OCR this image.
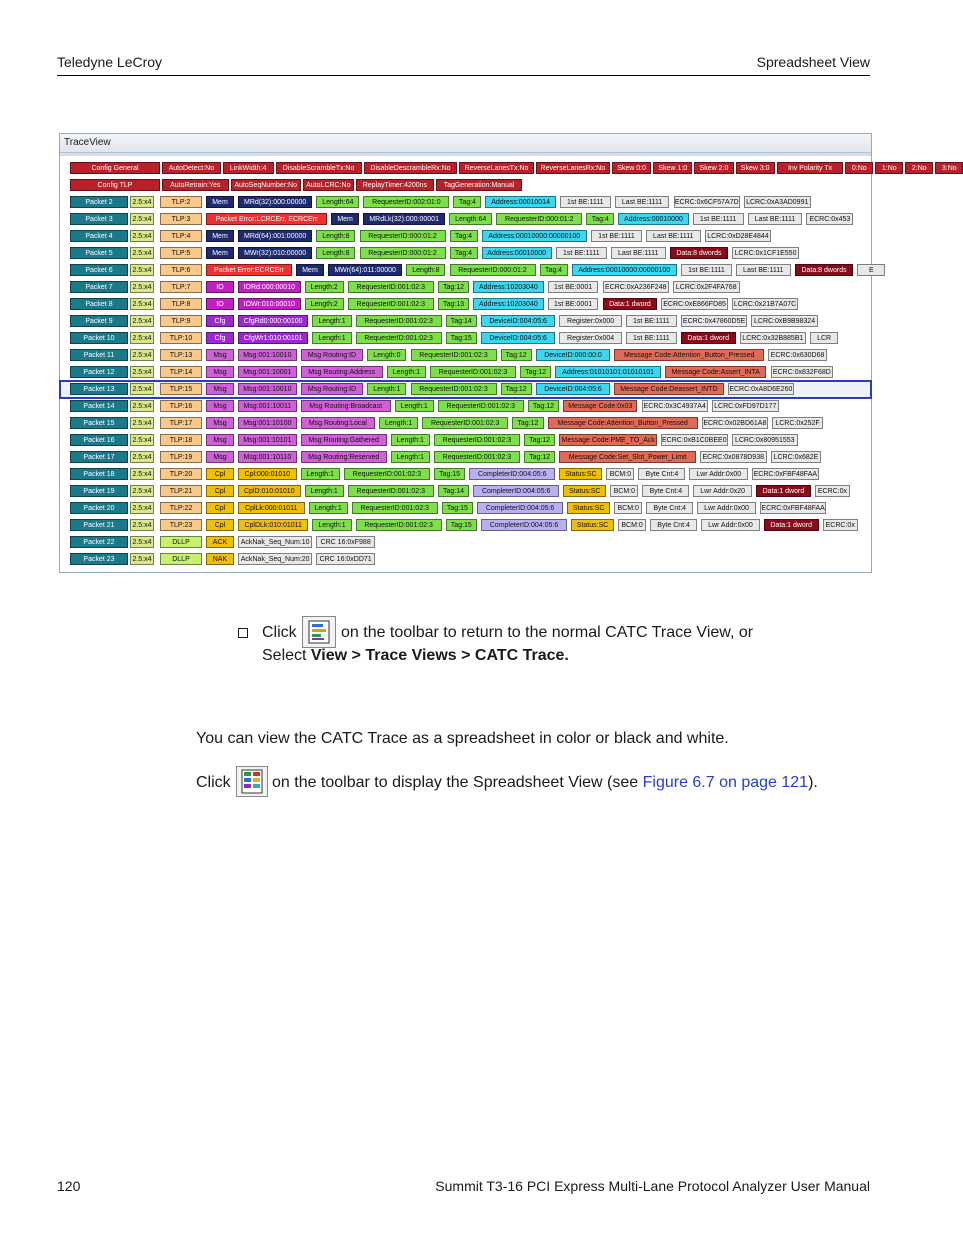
Teledyne LeCroy	Spreadsheet View
TraceView
Config General	AutoDetect:No	LinkWidth:4	DisableScrambleTx:No	DisableDescrambleRx:No	ReverseLanesTx:No	ReverseLanesRx:No	Skew 0:0	Skew 1:0	Skew 2:0	Skew 3:0	Inv Polarity Tx	0:No	1:No	2:No	3:No
Config TLP	AutoRetrain:Yes	AutoSeqNumber:No	AutoLCRC:No	ReplayTimer:4200ns	TagGeneration:Manual
Packet 2	2.5:x4	TLP:2	Mem	MRd(32):000:00000	Length:64	RequesterID:002:01:0	Tag:4	Address:00010014	1st BE:1111	Last BE:1111	ECRC:0x6CF57A7D	LCRC:0xA3AD0991
Packet 3	2.5:x4	TLP:3	Packet Error:LCRCErr, ECRCErr	Mem	MRdLk(32):000:00001	Length:64	RequesterID:000:01:2	Tag:4	Address:00010000	1st BE:1111	Last BE:1111	ECRC:0x453
Packet 4	2.5:x4	TLP:4	Mem	MRd(64):001:00000	Length:8	RequesterID:000:01:2	Tag:4	Address:00010000:00000100	1st BE:1111	Last BE:1111	LCRC:0xD28E4844
Packet 5	2.5:x4	TLP:5	Mem	MWr(32):010:00000	Length:8	RequesterID:000:01:2	Tag:4	Address:00010000	1st BE:1111	Last BE:1111	Data:8 dwords	LCRC:0x1CF1E550
Packet 6	2.5:x4	TLP:6	Packet Error:ECRCErr	Mem	MWr(64):011:00000	Length:8	RequesterID:000:01:2	Tag:4	Address:00010000:00000100	1st BE:1111	Last BE:1111	Data:8 dwords	E
Packet 7	2.5:x4	TLP:7	IO	IORd:000:00010	Length:2	RequesterID:001:02:3	Tag:12	Address:10203040	1st BE:0001	ECRC:0xA236F248	LCRC:0x2F4FA768
Packet 8	2.5:x4	TLP:8	IO	IOWr:010:00010	Length:2	RequesterID:001:02:3	Tag:13	Address:10203040	1st BE:0001	Data:1 dword	ECRC:0xE866FD85	LCRC:0x21B7A07C
Packet 9	2.5:x4	TLP:9	Cfg	CfgRd0:000:00100	Length:1	RequesterID:001:02:3	Tag:14	DeviceID:004:05:6	Register:0x000	1st BE:1111	ECRC:0x47860D5E	LCRC:0xB9B98324
Packet 10	2.5:x4	TLP:10	Cfg	CfgWr1:010:00101	Length:1	RequesterID:001:02:3	Tag:15	DeviceID:004:05:6	Register:0x004	1st BE:1111	Data:1 dword	LCRC:0x32B885B1	LCR
Packet 11	2.5:x4	TLP:13	Msg	Msg:001:10010	Msg Routing:ID	Length:0	RequesterID:001:02:3	Tag:12	DeviceID:000:00:0	Message Code:Attention_Button_Pressed	ECRC:0x630D68
Packet 12	2.5:x4	TLP:14	Msg	Msg:001:10001	Msg Routing:Address	Length:1	RequesterID:001:02:3	Tag:12	Address:01010101:01010101	Message Code:Assert_INTA	ECRC:0x832F68D
Packet 13	2.5:x4	TLP:15	Msg	Msg:001:10010	Msg Routing:ID	Length:1	RequesterID:001:02:3	Tag:12	DeviceID:004:05:6	Message Code:Deassert_INTD	ECRC:0xA8D6E260
Packet 14	2.5:x4	TLP:16	Msg	Msg:001:10011	Msg Routing:Broadcast	Length:1	RequesterID:001:02:3	Tag:12	Message Code:0x03	ECRC:0x3C4937A4	LCRC:0xFD97D177
Packet 15	2.5:x4	TLP:17	Msg	Msg:001:10100	Msg Routing:Local	Length:1	RequesterID:001:02:3	Tag:12	Message Code:Attention_Button_Pressed	ECRC:0x02BD61A8	LCRC:0x252F
Packet 16	2.5:x4	TLP:18	Msg	Msg:001:10101	Msg Routing:Gathered	Length:1	RequesterID:001:02:3	Tag:12	Message Code:PME_TO_Ack	ECRC:0xB1C0BEE0	LCRC:0x80951553
Packet 17	2.5:x4	TLP:19	Msg	Msg:001:10110	Msg Routing:Reserved	Length:1	RequesterID:001:02:3	Tag:12	Message Code:Set_Slot_Power_Limit	ECRC:0x0878D938	LCRC:0x682E
Packet 18	2.5:x4	TLP:20	Cpl	Cpl:000:01010	Length:1	RequesterID:001:02:3	Tag:15	CompleterID:004:05:6	Status:SC	BCM:0	Byte Cnt:4	Lwr Addr:0x00	ECRC:0xFBF48FAA
Packet 19	2.5:x4	TLP:21	Cpl	CplD:010:01010	Length:1	RequesterID:001:02:3	Tag:14	CompleterID:004:05:6	Status:SC	BCM:0	Byte Cnt:4	Lwr Addr:0x20	Data:1 dword	ECRC:0x
Packet 20	2.5:x4	TLP:22	Cpl	CplLk:000:01011	Length:1	RequesterID:001:02:3	Tag:15	CompleterID:004:05:6	Status:SC	BCM:0	Byte Cnt:4	Lwr Addr:0x00	ECRC:0xFBF48FAA
Packet 21	2.5:x4	TLP:23	Cpl	CplDLk:010:01011	Length:1	RequesterID:001:02:3	Tag:15	CompleterID:004:05:6	Status:SC	BCM:0	Byte Cnt:4	Lwr Addr:0x00	Data:1 dword	ECRC:0x
Packet 22	2.5:x4	DLLP	ACK	AckNak_Seq_Num:10	CRC 16:0xF988
Packet 23	2.5:x4	DLLP	NAK	AckNak_Seq_Num:20	CRC 16:0xDD71
Click	on the toolbar to return to the normal CATC Trace View, or
Select View > Trace Views > CATC Trace.
You can view the CATC Trace as a spreadsheet in color or black and white.
Click	on the toolbar to display the Spreadsheet View (see Figure 6.7 on page 121).
120	Summit T3-16 PCI Express Multi-Lane Protocol Analyzer User Manual
